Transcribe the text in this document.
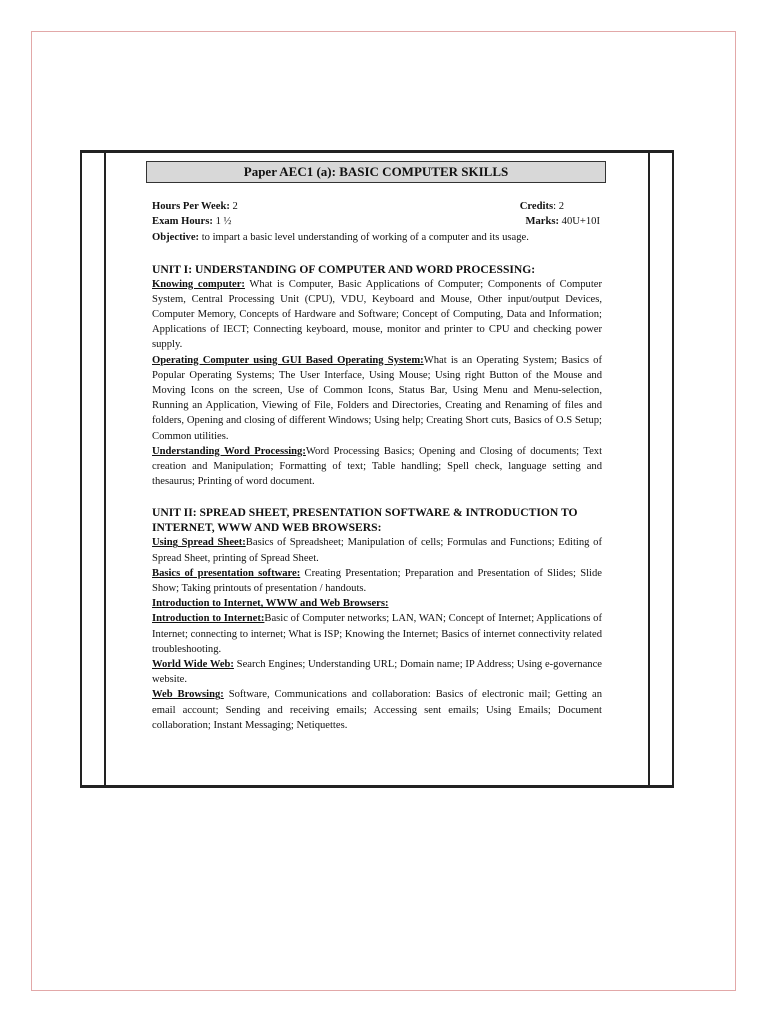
Paper AEC1 (a): BASIC COMPUTER SKILLS
Hours Per Week: 2	Credits: 2
Exam Hours: 1 ½	Marks: 40U+10I
Objective: to impart a basic level understanding of working of a computer and its usage.
UNIT I: UNDERSTANDING OF COMPUTER AND WORD PROCESSING:

Knowing computer: What is Computer, Basic Applications of Computer; Components of Computer System, Central Processing Unit (CPU), VDU, Keyboard and Mouse, Other input/output Devices, Computer Memory, Concepts of Hardware and Software; Concept of Computing, Data and Information; Applications of IECT; Connecting keyboard, mouse, monitor and printer to CPU and checking power supply.

Operating Computer using GUI Based Operating System:What is an Operating System; Basics of Popular Operating Systems; The User Interface, Using Mouse; Using right Button of the Mouse and Moving Icons on the screen, Use of Common Icons, Status Bar, Using Menu and Menu-selection, Running an Application, Viewing of File, Folders and Directories, Creating and Renaming of files and folders, Opening and closing of different Windows; Using help; Creating Short cuts, Basics of O.S Setup; Common utilities.

Understanding Word Processing:Word Processing Basics; Opening and Closing of documents; Text creation and Manipulation; Formatting of text; Table handling; Spell check, language setting and thesaurus; Printing of word document.

UNIT II: SPREAD SHEET, PRESENTATION SOFTWARE & INTRODUCTION TO INTERNET, WWW AND WEB BROWSERS:

Using Spread Sheet:Basics of Spreadsheet; Manipulation of cells; Formulas and Functions; Editing of Spread Sheet, printing of Spread Sheet.

Basics of presentation software: Creating Presentation; Preparation and Presentation of Slides; Slide Show; Taking printouts of presentation / handouts.

Introduction to Internet, WWW and Web Browsers:

Introduction to Internet:Basic of Computer networks; LAN, WAN; Concept of Internet; Applications of Internet; connecting to internet; What is ISP; Knowing the Internet; Basics of internet connectivity related troubleshooting.

World Wide Web: Search Engines; Understanding URL; Domain name; IP Address; Using e-governance website.

Web Browsing: Software, Communications and collaboration: Basics of electronic mail; Getting an email account; Sending and receiving emails; Accessing sent emails; Using Emails; Document collaboration; Instant Messaging; Netiquettes.
